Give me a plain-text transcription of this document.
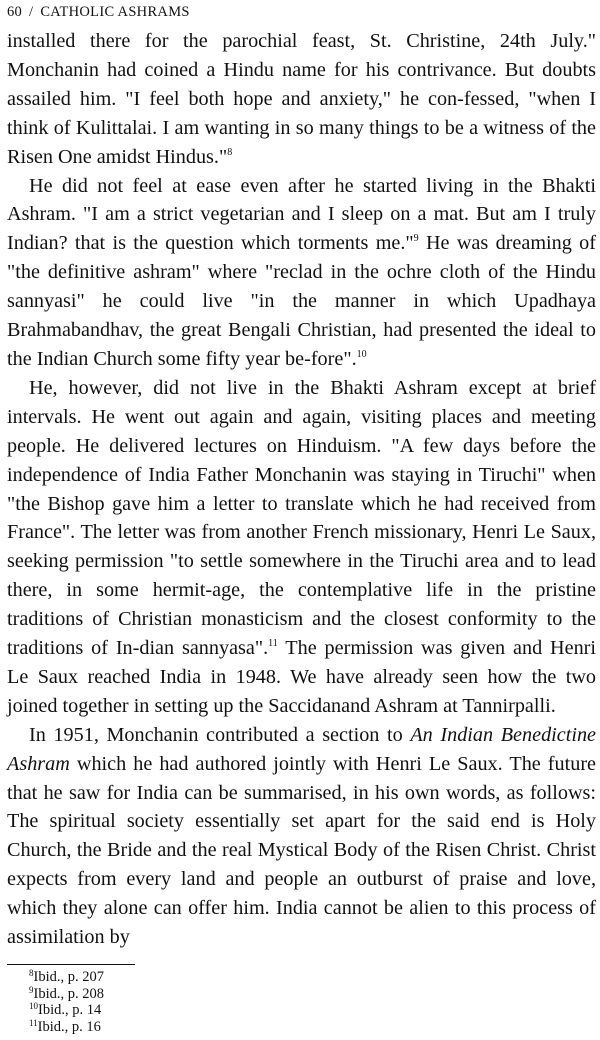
60 / CATHOLIC ASHRAMS

installed there for the parochial feast, St. Christine, 24th July." Monchanin had coined a Hindu name for his contrivance. But doubts assailed him. "I feel both hope and anxiety," he con-fessed, "when I think of Kulittalai. I am wanting in so many things to be a witness of the Risen One amidst Hindus."$^8$

He did not feel at ease even after he started living in the Bhakti Ashram. "I am a strict vegetarian and I sleep on a mat. But am I truly Indian? that is the question which torments me."$^9$ He was dreaming of "the definitive ashram" where "reclad in the ochre cloth of the Hindu sannyasi" he could live "in the manner in which Upadhaya Brahmabandhav, the great Bengali Christian, had presented the ideal to the Indian Church some fifty year be-fore".$^{10}$

He, however, did not live in the Bhakti Ashram except at brief intervals. He went out again and again, visiting places and meeting people. He delivered lectures on Hinduism. "A few days before the independence of India Father Monchanin was staying in Tiruchi" when "the Bishop gave him a letter to translate which he had received from France". The letter was from another French missionary, Henri Le Saux, seeking permission "to settle somewhere in the Tiruchi area and to lead there, in some hermit-age, the contemplative life in the pristine traditions of Christian monasticism and the closest conformity to the traditions of In-dian sannyasa".$^{11}$ The permission was given and Henri Le Saux reached India in 1948. We have already seen how the two joined together in setting up the Saccidanand Ashram at Tannirpalli.

In 1951, Monchanin contributed a section to An Indian Benedictine Ashram which he had authored jointly with Henri Le Saux. The future that he saw for India can be summarised, in his own words, as follows: The spiritual society essentially set apart for the said end is Holy Church, the Bride and the real Mystical Body of the Risen Christ. Christ expects from every land and people an outburst of praise and love, which they alone can offer him. India cannot be alien to this process of assimilation by

$^8$Ibid., p. 207
$^9$Ibid., p. 208
$^{10}$Ibid., p. 14
$^{11}$Ibid., p. 16
